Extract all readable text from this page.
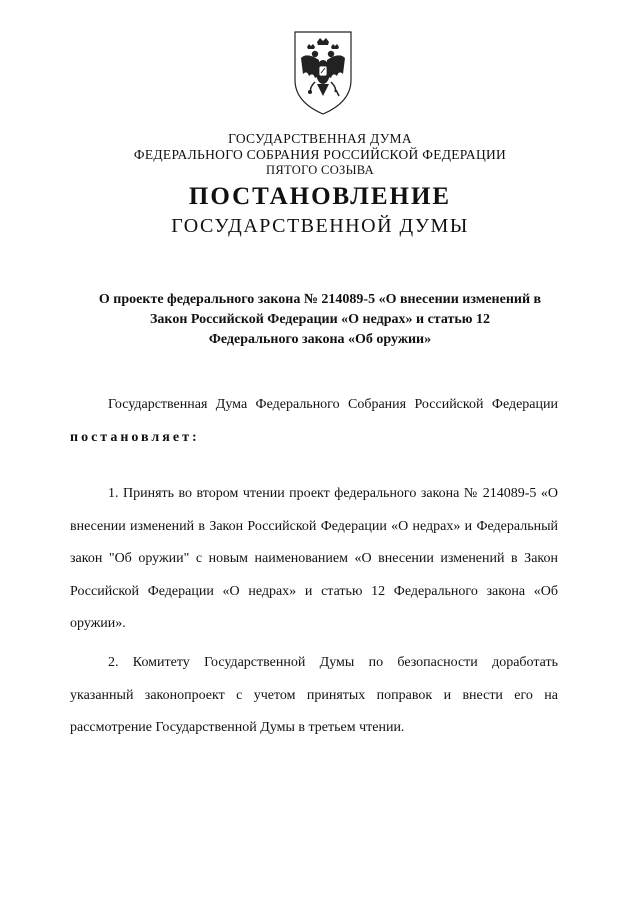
ГОСУДАРСТВЕННАЯ ДУМА
ФЕДЕРАЛЬНОГО СОБРАНИЯ РОССИЙСКОЙ ФЕДЕРАЦИИ
ПЯТОГО СОЗЫВА
ПОСТАНОВЛЕНИЕ
ГОСУДАРСТВЕННОЙ ДУМЫ
О проекте федерального закона № 214089-5 «О внесении изменений в
Закон Российской Федерации «О недрах» и статью 12
Федерального закона «Об оружии»
Государственная Дума Федерального Собрания Российской Федерации постановляет:
1. Принять во втором чтении проект федерального закона № 214089-5 «О внесении изменений в Закон Российской Федерации «О недрах» и Федеральный закон "Об оружии" с новым наименованием «О внесении изменений в Закон Российской Федерации «О недрах» и статью 12 Федерального закона «Об оружии».
2. Комитету Государственной Думы по безопасности доработать указанный законопроект с учетом принятых поправок и внести его на рассмотрение Государственной Думы в третьем чтении.
